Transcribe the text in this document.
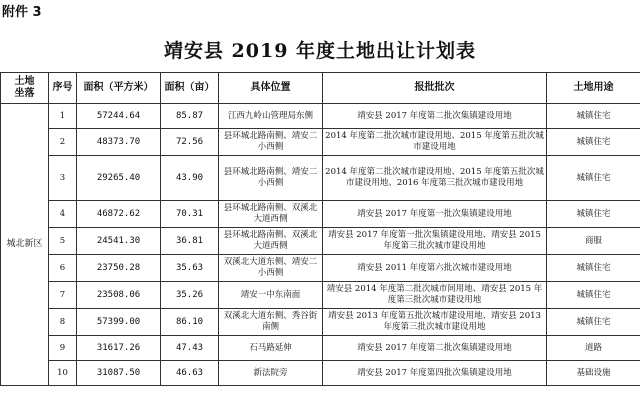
附件 3
靖安县 2019 年度土地出让计划表
土地
坐落	序号	面积（平方米）	面积（亩）	具体位置	报批批次	土地用途
城北新区	1	57244.64	85.87	江西九岭山管理局东侧	靖安县 2017 年度第二批次集镇建设用地	城镇住宅
	2	48373.70	72.56	县环城北路南侧、靖安二小西侧	2014 年度第二批次城市建设用地、2015 年度第五批次城市建设用地	城镇住宅
	3	29265.40	43.90	县环城北路南侧、靖安二小西侧	2014 年度第二批次城市建设用地、2015 年度第五批次城市建设用地、2016 年度第三批次城市建设用地	城镇住宅
	4	46872.62	70.31	县环城北路南侧、双溪北大道西侧	靖安县 2017 年度第一批次集镇建设用地	城镇住宅
	5	24541.30	36.81	县环城北路南侧、双溪北大道西侧	靖安县 2017 年度第一批次集镇建设用地、靖安县 2015 年度第三批次城市建设用地	商服
	6	23750.28	35.63	双溪北大道东侧、靖安二小西侧	靖安县 2011 年度第六批次城市建设用地	城镇住宅
	7	23508.06	35.26	靖安一中东南面	靖安县 2014 年度第二批次城市间用地、靖安县 2015 年度第三批次城市建设用地	城镇住宅
	8	57399.00	86.10	双溪北大道东侧、秀谷街南侧	靖安县 2013 年度第五批次城市建设用地、靖安县 2013 年度第三批次城市建设用地	城镇住宅
	9	31617.26	47.43	石马路延伸	靖安县 2017 年度第二批次集镇建设用地	道路
	10	31087.50	46.63	新法院旁	靖安县 2017 年度第四批次集镇建设用地	基础设施
